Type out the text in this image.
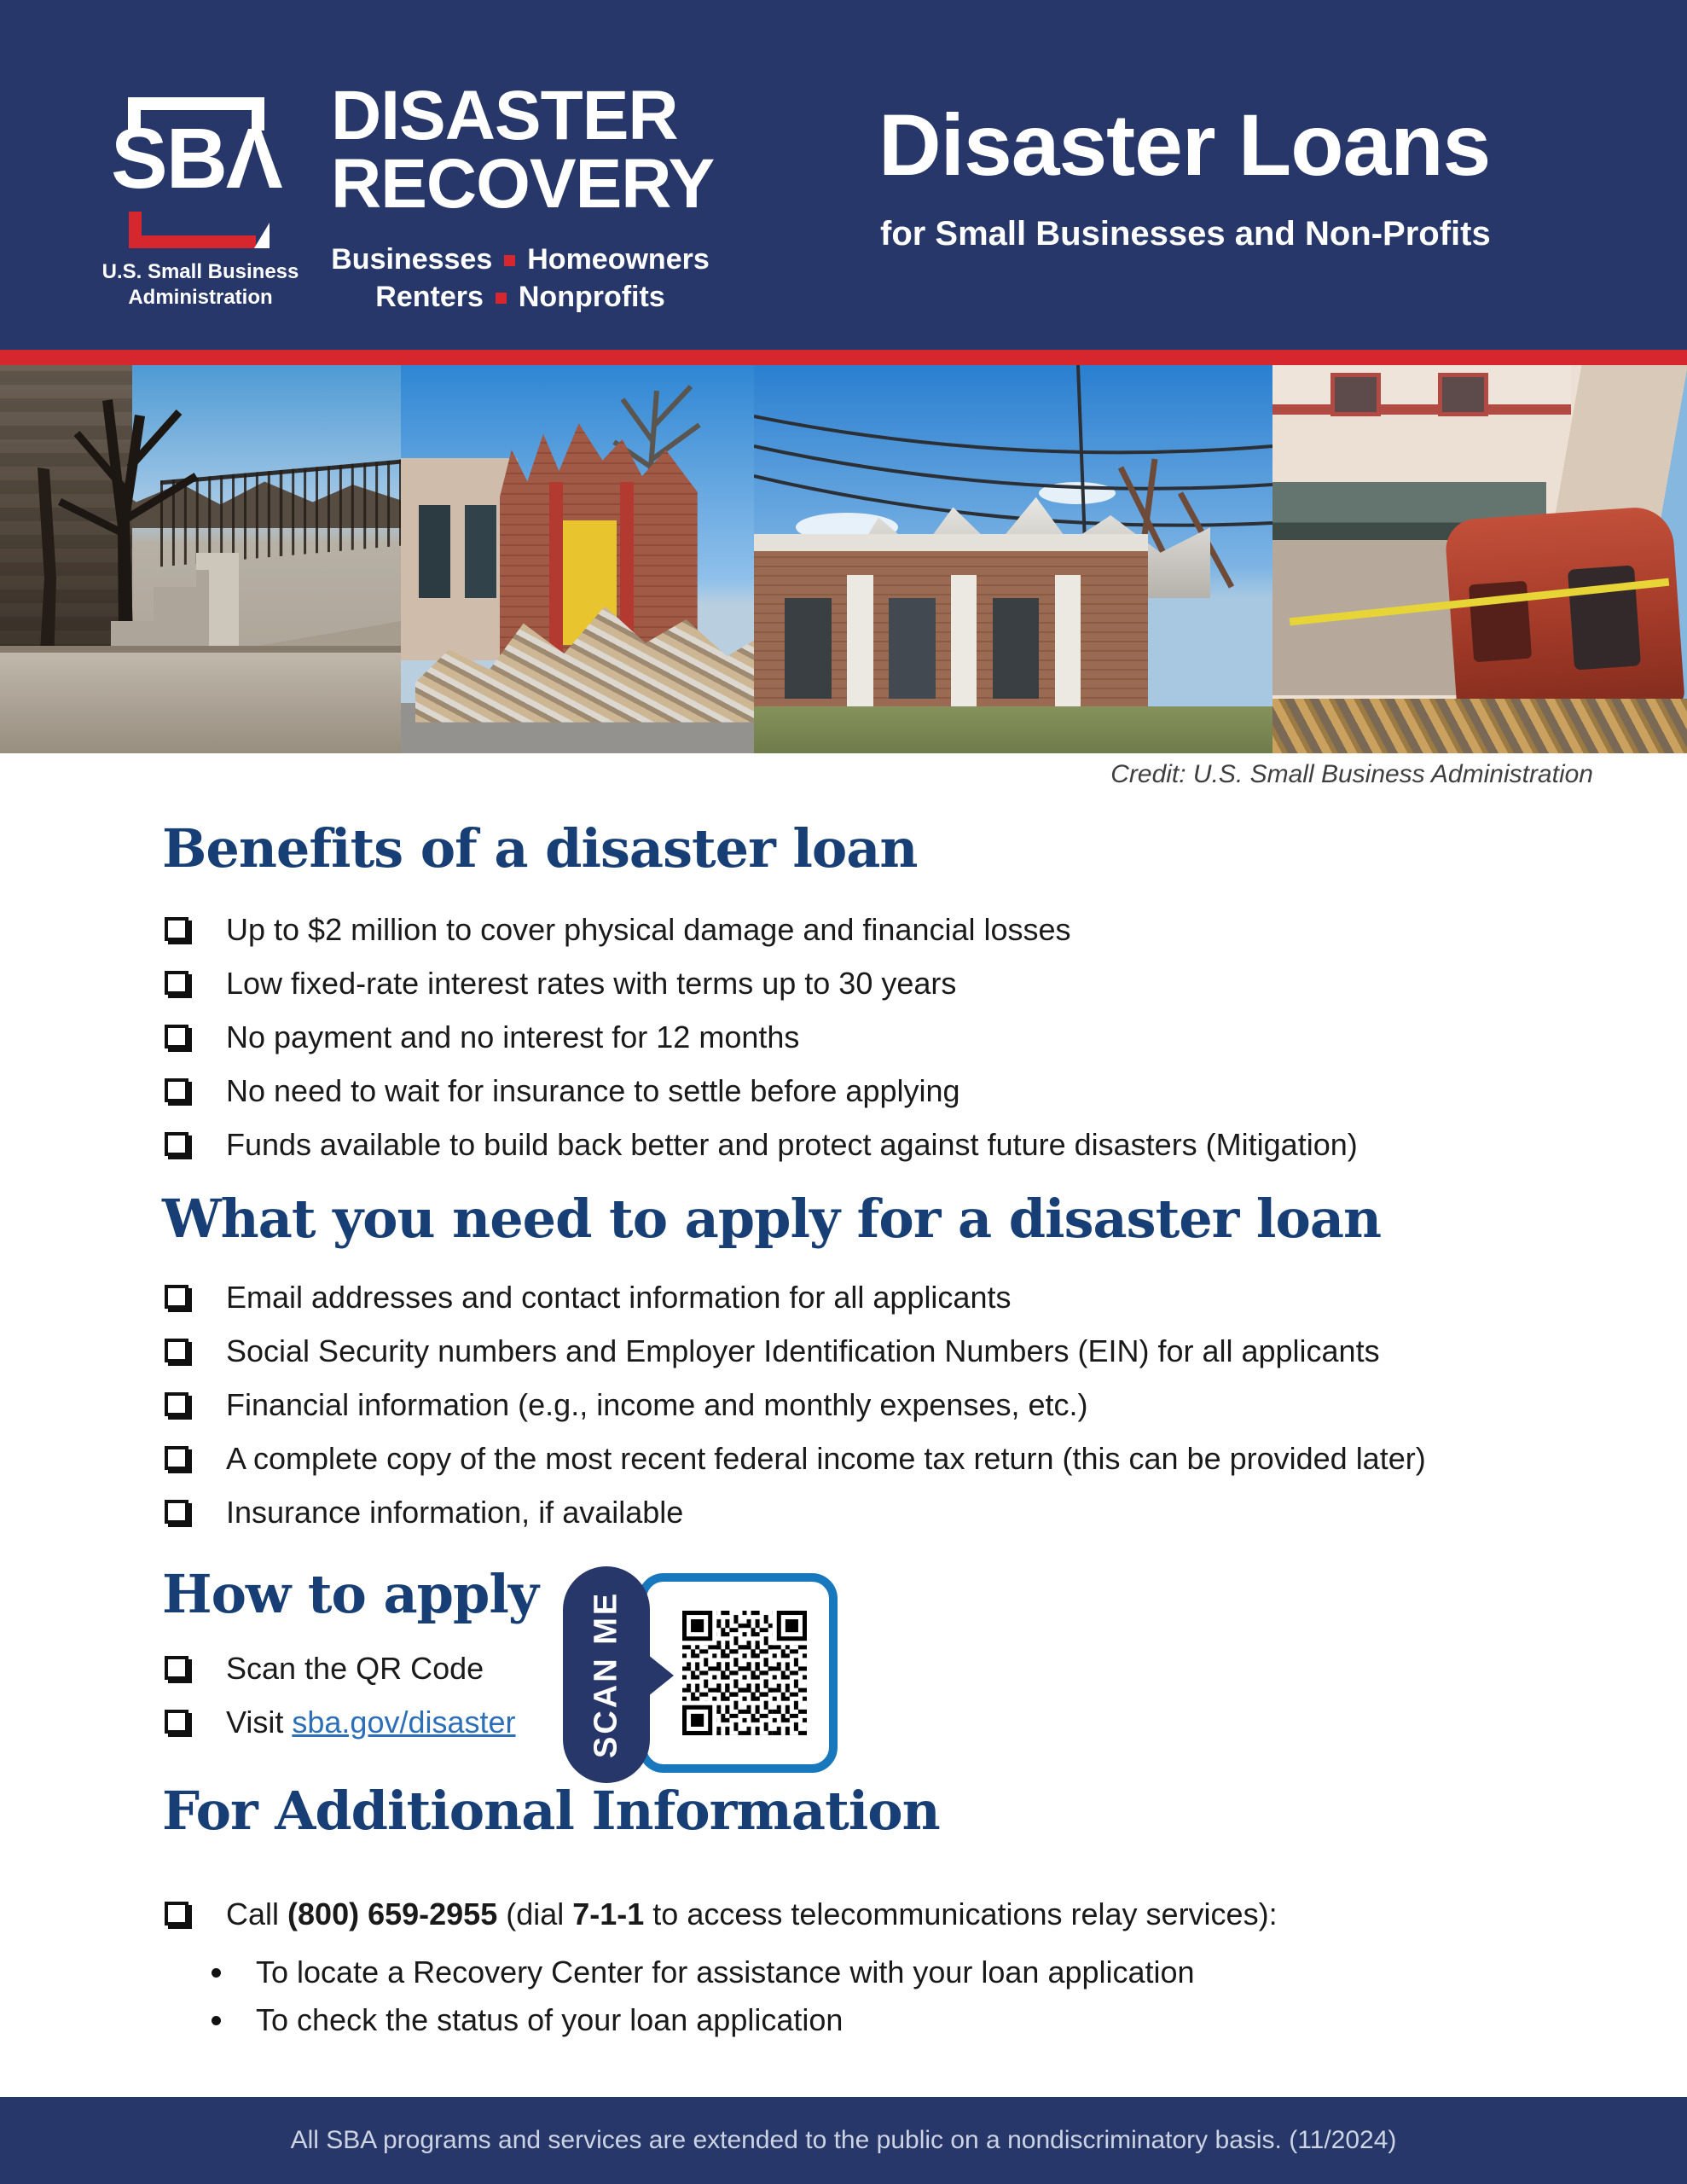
SBΛ
U.S. Small Business
Administration
DISASTER
RECOVERY
Businesses Homeowners
Renters Nonprofits
Disaster Loans
for Small Businesses and Non-Profits
Credit: U.S. Small Business Administration
Benefits of a disaster loan
Up to $2 million to cover physical damage and financial losses
Low fixed-rate interest rates with terms up to 30 years
No payment and no interest for 12 months
No need to wait for insurance to settle before applying
Funds available to build back better and protect against future disasters (Mitigation)
What you need to apply for a disaster loan
Email addresses and contact information for all applicants
Social Security numbers and Employer Identification Numbers (EIN) for all applicants
Financial information (e.g., income and monthly expenses, etc.)
A complete copy of the most recent federal income tax return (this can be provided later)
Insurance information, if available
How to apply
Scan the QR Code
Visit sba.gov/disaster	SCAN ME
For Additional Information
Call (800) 659-2955 (dial 7-1-1 to access telecommunications relay services):
To locate a Recovery Center for assistance with your loan application
To check the status of your loan application
All SBA programs and services are extended to the public on a nondiscriminatory basis. (11/2024)
